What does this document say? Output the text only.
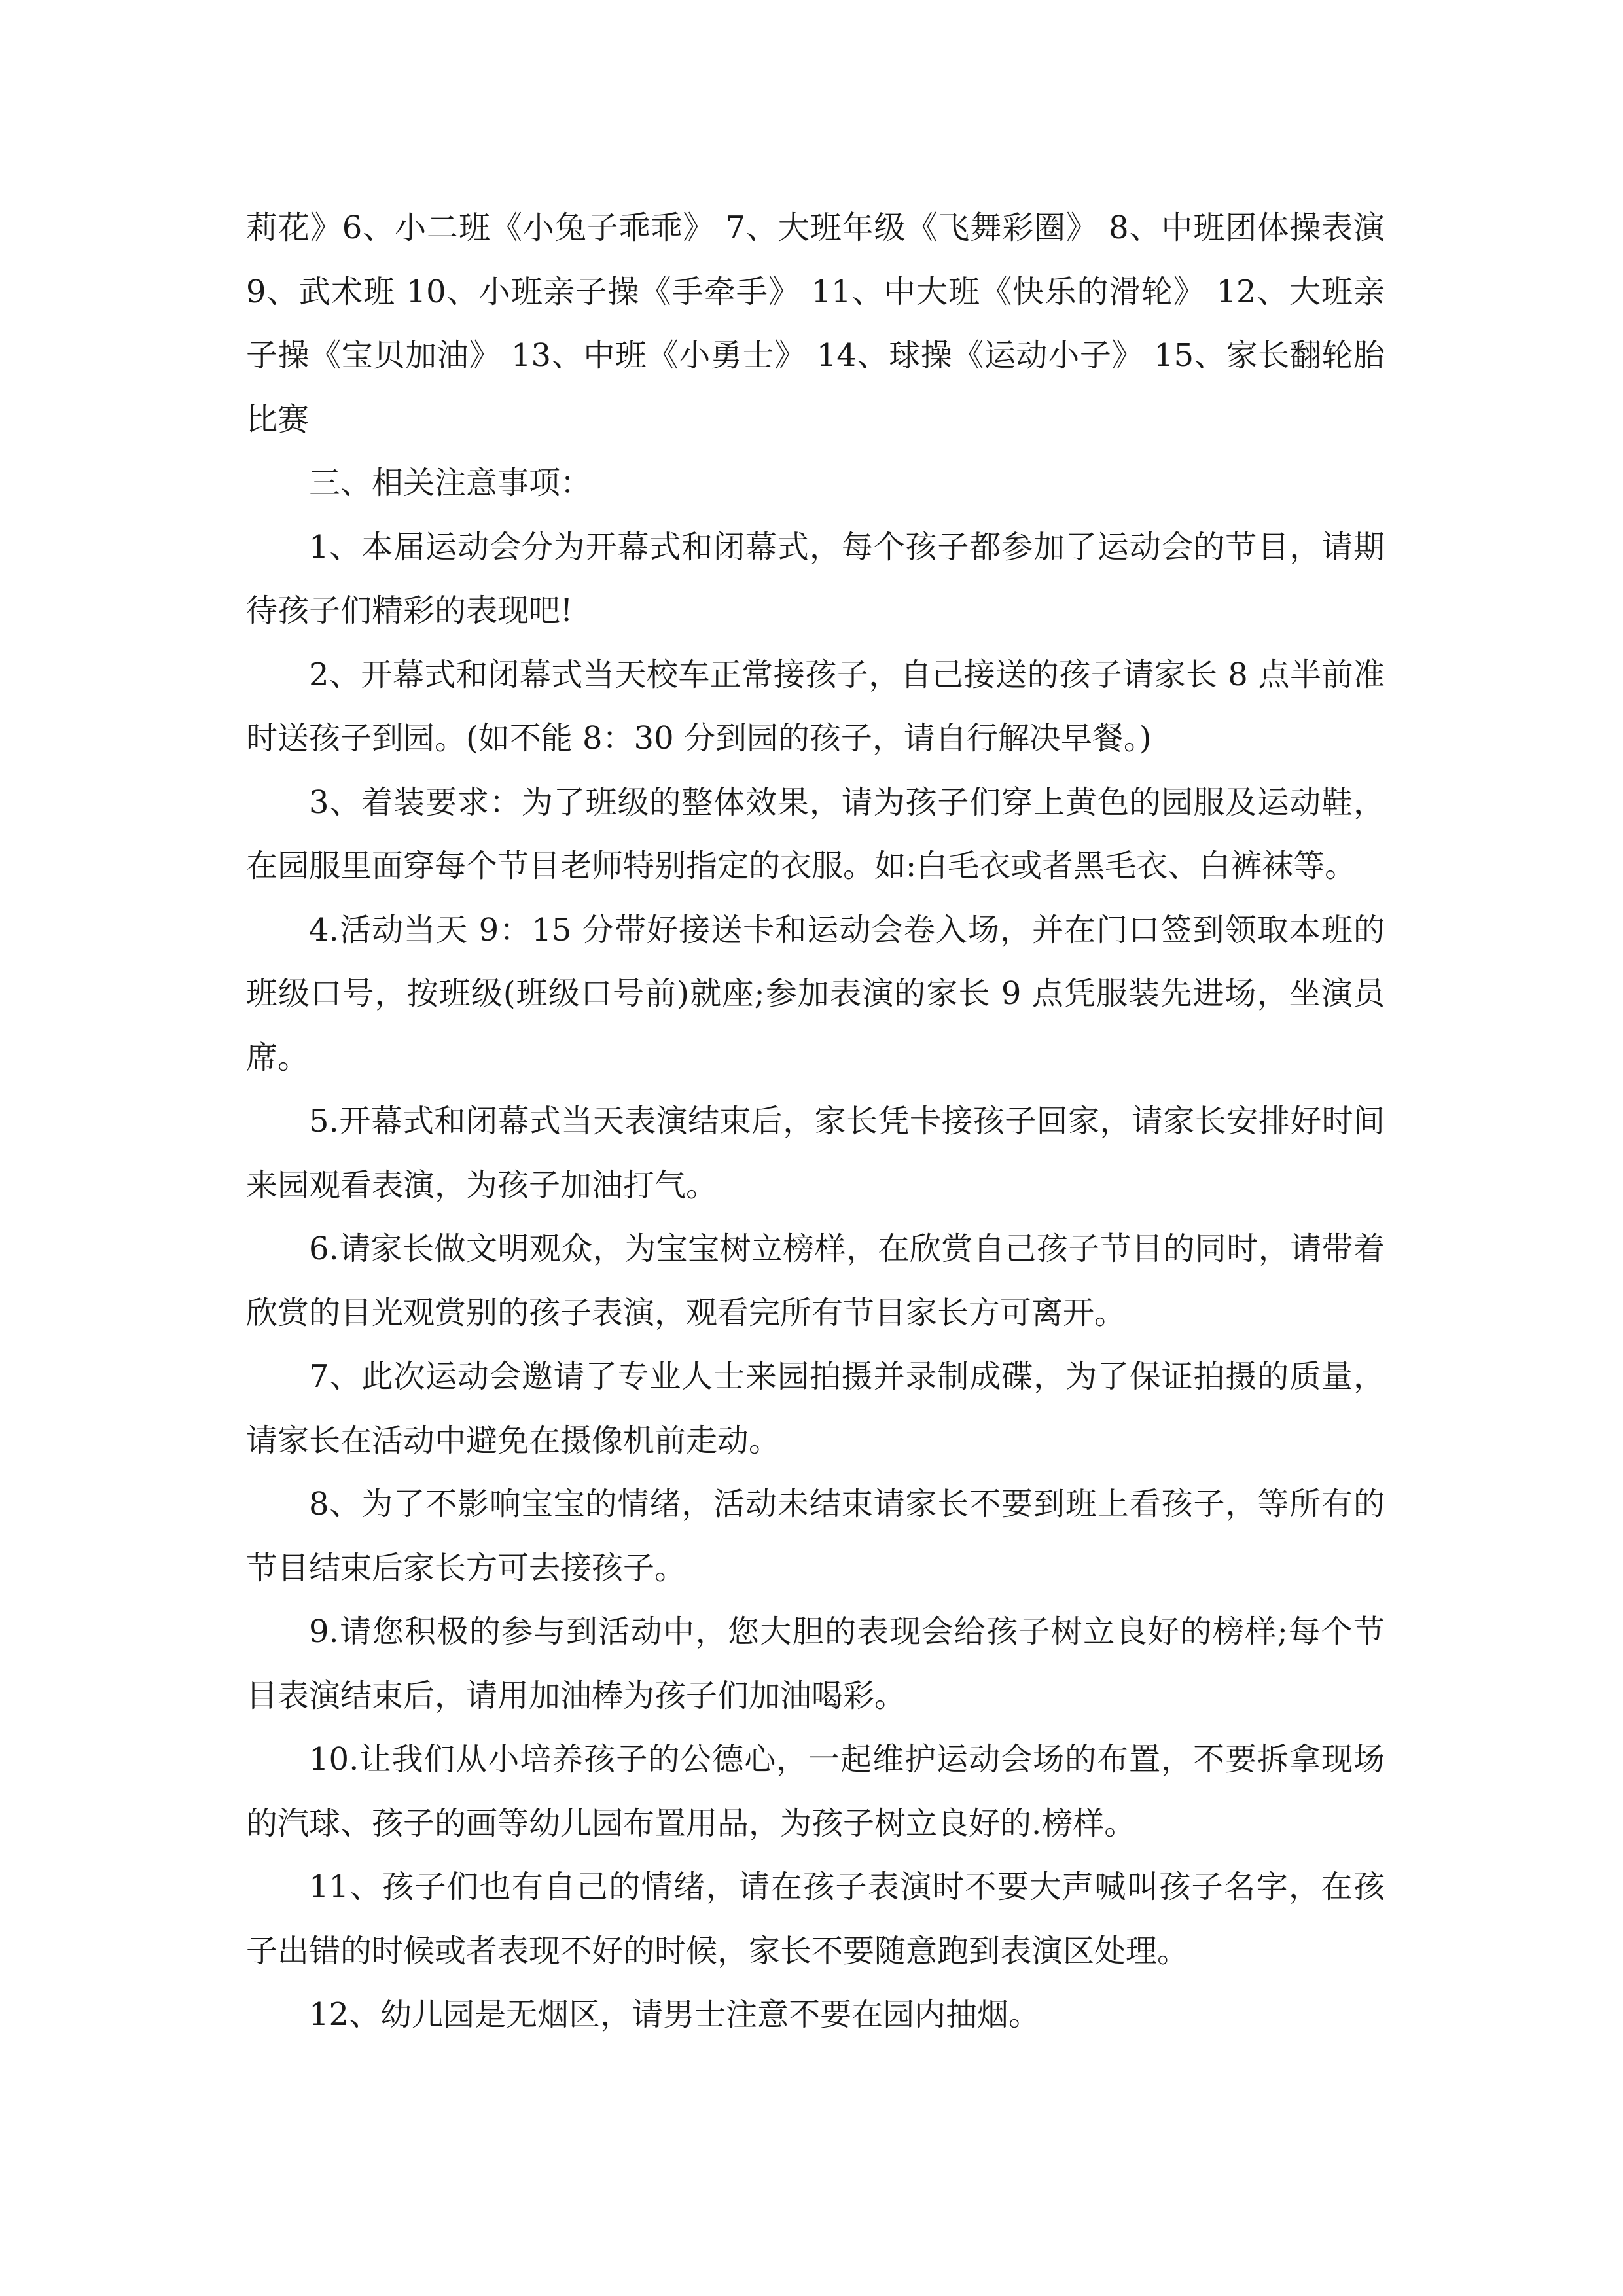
莉花》6、小二班《小兔子乖乖》 7、大班年级《飞舞彩圈》 8、中班团体操表演 9、武术班 10、小班亲子操《手牵手》 11、中大班《快乐的滑轮》 12、大班亲子操《宝贝加油》 13、中班《小勇士》 14、球操《运动小子》 15、家长翻轮胎比赛

三、相关注意事项：

1、本届运动会分为开幕式和闭幕式，每个孩子都参加了运动会的节目，请期待孩子们精彩的表现吧!

2、开幕式和闭幕式当天校车正常接孩子，自己接送的孩子请家长 8 点半前准时送孩子到园。(如不能 8：30 分到园的孩子，请自行解决早餐。)

3、着装要求：为了班级的整体效果，请为孩子们穿上黄色的园服及运动鞋，在园服里面穿每个节目老师特别指定的衣服。如:白毛衣或者黑毛衣、白裤袜等。

4.活动当天 9：15 分带好接送卡和运动会卷入场，并在门口签到领取本班的班级口号，按班级(班级口号前)就座;参加表演的家长 9 点凭服装先进场，坐演员席。

5.开幕式和闭幕式当天表演结束后，家长凭卡接孩子回家，请家长安排好时间来园观看表演，为孩子加油打气。

6.请家长做文明观众，为宝宝树立榜样，在欣赏自己孩子节目的同时，请带着欣赏的目光观赏别的孩子表演，观看完所有节目家长方可离开。

7、此次运动会邀请了专业人士来园拍摄并录制成碟，为了保证拍摄的质量，请家长在活动中避免在摄像机前走动。

8、为了不影响宝宝的情绪，活动未结束请家长不要到班上看孩子，等所有的节目结束后家长方可去接孩子。

9.请您积极的参与到活动中，您大胆的表现会给孩子树立良好的榜样;每个节目表演结束后，请用加油棒为孩子们加油喝彩。

10.让我们从小培养孩子的公德心，一起维护运动会场的布置，不要拆拿现场的汽球、孩子的画等幼儿园布置用品，为孩子树立良好的.榜样。

11、孩子们也有自己的情绪，请在孩子表演时不要大声喊叫孩子名字，在孩子出错的时候或者表现不好的时候，家长不要随意跑到表演区处理。

12、幼儿园是无烟区，请男士注意不要在园内抽烟。
